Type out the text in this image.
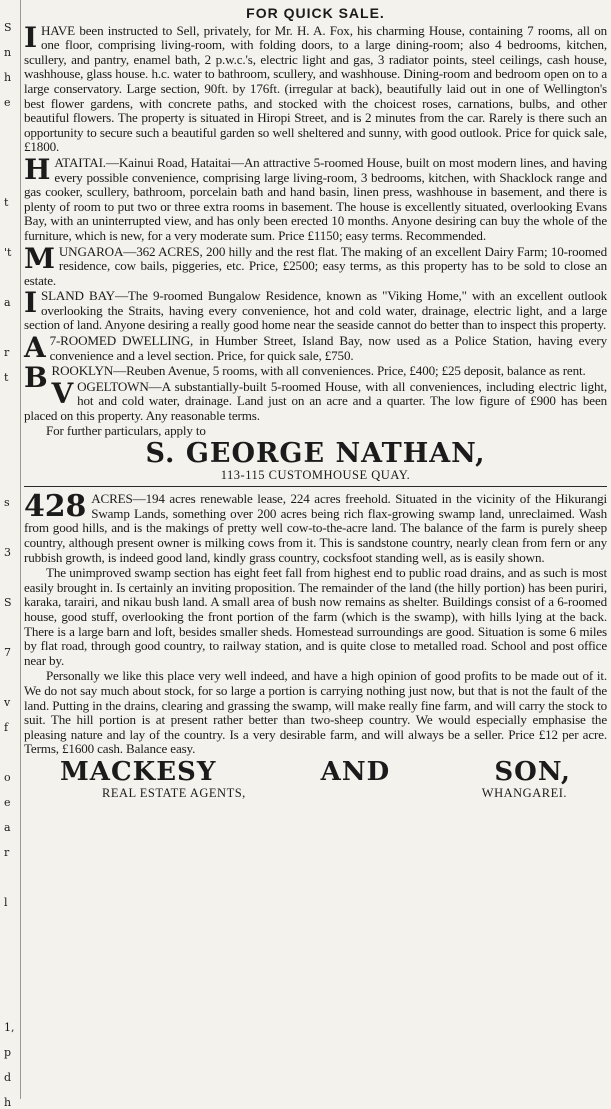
S
n
h
e
t
't
a
r
t
s
3
S
7
v
f
o
e
a
r
l
1,
p
d
h
FOR QUICK SALE.
IHAVE been instructed to Sell, privately, for Mr. H. A. Fox, his charming House, containing 7 rooms, all on one floor, comprising living-room, with folding doors, to a large dining-room; also 4 bedrooms, kitchen, scullery, and pantry, enamel bath, 2 p.w.c.'s, electric light and gas, 3 radiator points, steel ceilings, cash house, washhouse, glass house. h.c. water to bathroom, scullery, and washhouse. Dining-room and bedroom open on to a large conservatory. Large section, 90ft. by 176ft. (irregular at back), beautifully laid out in one of Wellington's best flower gardens, with concrete paths, and stocked with the choicest roses, carnations, bulbs, and other beautiful flowers. The property is situated in Hiropi Street, and is 2 minutes from the car. Rarely is there such an opportunity to secure such a beautiful garden so well sheltered and sunny, with good outlook. Price for quick sale, £1800.
HATAITAI.—Kainui Road, Hataitai—An attractive 5-roomed House, built on most modern lines, and having every possible convenience, comprising large living-room, 3 bedrooms, kitchen, with Shacklock range and gas cooker, scullery, bathroom, porcelain bath and hand basin, linen press, washhouse in basement, and there is plenty of room to put two or three extra rooms in basement. The house is excellently situated, overlooking Evans Bay, with an uninterrupted view, and has only been erected 10 months. Anyone desiring can buy the whole of the furniture, which is new, for a very moderate sum. Price £1150; easy terms. Recommended.
MUNGAROA—362 ACRES, 200 hilly and the rest flat. The making of an excellent Dairy Farm; 10-roomed residence, cow bails, piggeries, etc. Price, £2500; easy terms, as this property has to be sold to close an estate.
ISLAND BAY—The 9-roomed Bungalow Residence, known as "Viking Home," with an excellent outlook overlooking the Straits, having every convenience, hot and cold water, drainage, electric light, and a large section of land. Anyone desiring a really good home near the seaside cannot do better than to inspect this property.
A 7-ROOMED DWELLING, in Humber Street, Island Bay, now used as a Police Station, having every convenience and a level section. Price, for quick sale, £750.
BROOKLYN—Reuben Avenue, 5 rooms, with all conveniences. Price, £400; £25 deposit, balance as rent.
VOGELTOWN—A substantially-built 5-roomed House, with all conveniences, including electric light, hot and cold water, drainage. Land just on an acre and a quarter. The low figure of £900 has been placed on this property. Any reasonable terms.
For further particulars, apply to
S. GEORGE NATHAN,
113-115 CUSTOMHOUSE QUAY.
428 ACRES—194 acres renewable lease, 224 acres freehold. Situated in the vicinity of the Hikurangi Swamp Lands, something over 200 acres being rich flax-growing swamp land, unreclaimed. Wash from good hills, and is the makings of pretty well cow-to-the-acre land. The balance of the farm is purely sheep country, although present owner is milking cows from it. This is sandstone country, nearly clean from fern or any rubbish growth, is indeed good land, kindly grass country, cocksfoot standing well, as is easily shown.
The unimproved swamp section has eight feet fall from highest end to public road drains, and as such is most easily brought in. Is certainly an inviting proposition. The remainder of the land (the hilly portion) has been puriri, karaka, tarairi, and nikau bush land. A small area of bush now remains as shelter. Buildings consist of a 6-roomed house, good stuff, overlooking the front portion of the farm (which is the swamp), with hills lying at the back. There is a large barn and loft, besides smaller sheds. Homestead surroundings are good. Situation is some 6 miles by flat road, through good country, to railway station, and is quite close to metalled road. School and post office near by.
Personally we like this place very well indeed, and have a high opinion of good profits to be made out of it. We do not say much about stock, for so large a portion is carrying nothing just now, but that is not the fault of the land. Putting in the drains, clearing and grassing the swamp, will make really fine farm, and will carry the stock to suit. The hill portion is at present rather better than two-sheep country. We would especially emphasise the pleasing nature and lay of the country. Is a very desirable farm, and will always be a seller. Price £12 per acre. Terms, £1600 cash. Balance easy.
MACKESY	AND	SON,
REAL ESTATE AGENTS,	WHANGAREI.
